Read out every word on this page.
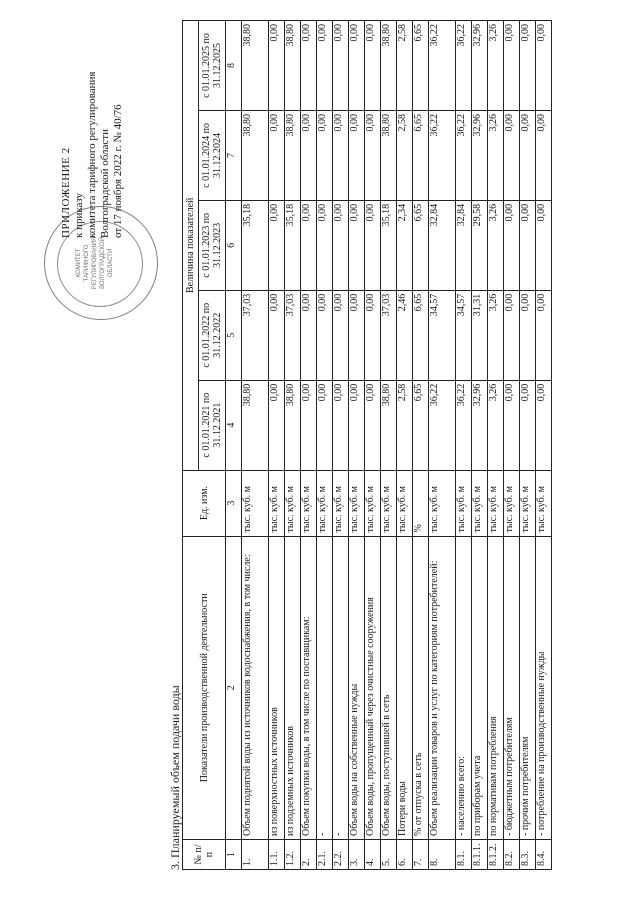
КОМИТЕТ ТАРИФНОГО РЕГУЛИРОВАНИЯ ВОЛГОГРАДСКОЙ ОБЛАСТИ
ПРИЛОЖЕНИЕ 2 к приказу комитета тарифного регулирования Волгоградской области от 17 ноября 2022 г. № 40/76
3. Планируемый объем подачи воды № п/п	Показатели производственной деятельности	Ед. изм.	Величина показателей				
			с 01.01.2021 по 31.12.2021	с 01.01.2022 по 31.12.2022	с 01.01.2023 по 31.12.2023	с 01.01.2024 по 31.12.2024	с 01.01.2025 по 31.12.2025
1	2	3	4	5	6	7	8
1.	Объем поднятой воды из источников водоснабжения, в том числе:	тыс. куб. м	38,80	37,03	35,18	38,80	38,80
1.1.	из поверхностных источников	тыс. куб. м	0,00	0,00	0,00	0,00	0,00
1.2.	из подземных источников	тыс. куб. м	38,80	37,03	35,18	38,80	38,80
2.	Объем покупки воды, в том числе по поставщикам:	тыс. куб. м	0,00	0,00	0,00	0,00	0,00
2.1.	-	тыс. куб. м	0,00	0,00	0,00	0,00	0,00
2.2.	-	тыс. куб. м	0,00	0,00	0,00	0,00	0,00
3.	Объем воды на собственные нужды	тыс. куб. м	0,00	0,00	0,00	0,00	0,00
4.	Объем воды, пропущенный через очистные сооружения	тыс. куб. м	0,00	0,00	0,00	0,00	0,00
5.	Объем воды, поступившей в сеть	тыс. куб. м	38,80	37,03	35,18	38,80	38,80
6.	Потери воды	тыс. куб. м	2,58	2,46	2,34	2,58	2,58
7.	% от отпуска в сеть	%	6,65	6,65	6,65	6,65	6,65
8.	Объем реализации товаров и услуг по категориям потребителей:	тыс. куб. м	36,22	34,57	32,84	36,22	36,22
8.1.	- населению всего:	тыс. куб. м	36,22	34,57	32,84	36,22	36,22
8.1.1.	по приборам учета	тыс. куб. м	32,96	31,31	29,58	32,96	32,96
8.1.2.	по нормативам потребления	тыс. куб. м	3,26	3,26	3,26	3,26	3,26
8.2.	- бюджетным потребителям	тыс. куб. м	0,00	0,00	0,00	0,00	0,00
8.3.	- прочим потребителям	тыс. куб. м	0,00	0,00	0,00	0,00	0,00
8.4.	- потребление на производственные нужды	тыс. куб. м	0,00	0,00	0,00	0,00	0,00
